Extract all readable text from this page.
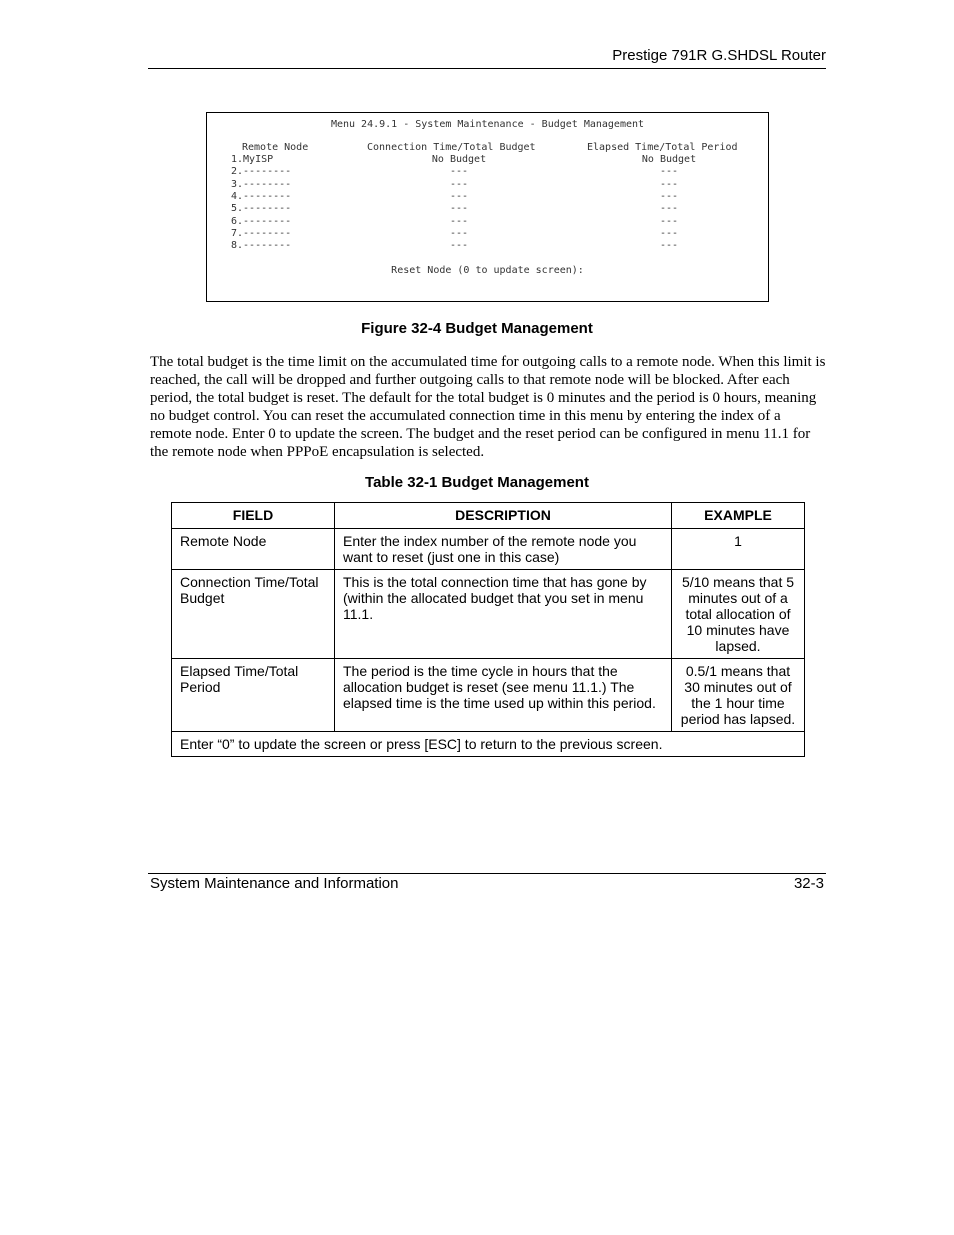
Prestige 791R G.SHDSL Router
Menu 24.9.1 - System Maintenance - Budget Management
Remote Node	Connection Time/Total Budget	Elapsed Time/Total Period
1.MyISP	No Budget	No Budget
2.--------	---	---
3.--------	---	---
4.--------	---	---
5.--------	---	---
6.--------	---	---
7.--------	---	---
8.--------	---	---
Reset Node (0 to update screen):
Figure 32-4 Budget Management
The total budget is the time limit on the accumulated time for outgoing calls to a remote node. When this limit is reached, the call will be dropped and further outgoing calls to that remote node will be blocked. After each period, the total budget is reset. The default for the total budget is 0 minutes and the period is 0 hours, meaning no budget control. You can reset the accumulated connection time in this menu by entering the index of a remote node. Enter 0 to update the screen. The budget and the reset period can be configured in menu 11.1 for the remote node when PPPoE encapsulation is selected.
Table 32-1 Budget Management
FIELD	DESCRIPTION	EXAMPLE
Remote Node	Enter the index number of the remote node you want to reset (just one in this case)	1
Connection Time/Total Budget	This is the total connection time that has gone by (within the allocated budget that you set in menu 11.1.	5/10 means that 5 minutes out of a total allocation of 10 minutes have lapsed.
Elapsed Time/Total Period	The period is the time cycle in hours that the allocation budget is reset (see menu 11.1.) The elapsed time is the time used up within this period.	0.5/1 means that 30 minutes out of the 1 hour time period has lapsed.
Enter “0” to update the screen or press [ESC] to return to the previous screen.		
System Maintenance and Information	32-3
